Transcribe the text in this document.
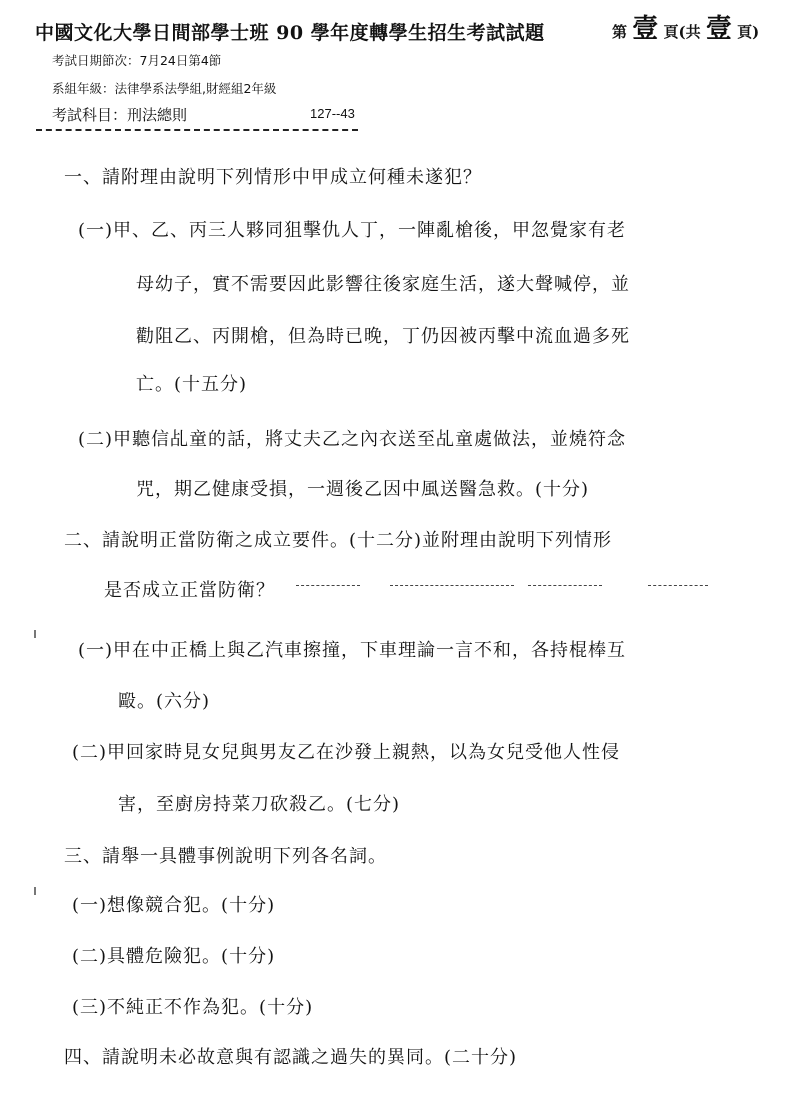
中國文化大學日間部學士班 90 學年度轉學生招生考試試題	第 壹 頁(共 壹 頁)
考試日期節次：7月24日第4節
系組年級：法律學系法學組,財經組2年級
考試科目：刑法總則	127--43
一、請附理由說明下列情形中甲成立何種未遂犯？
(一)甲、乙、丙三人夥同狙擊仇人丁，一陣亂槍後，甲忽覺家有老
母幼子，實不需要因此影響往後家庭生活，遂大聲喊停，並
勸阻乙、丙開槍，但為時已晚，丁仍因被丙擊中流血過多死
亡。(十五分)
(二)甲聽信乩童的話，將丈夫乙之內衣送至乩童處做法，並燒符念
咒，期乙健康受損，一週後乙因中風送醫急救。(十分)
二、請說明正當防衛之成立要件。(十二分)並附理由說明下列情形
是否成立正當防衛？
(一)甲在中正橋上與乙汽車擦撞，下車理論一言不和，各持棍棒互
毆。(六分)
(二)甲回家時見女兒與男友乙在沙發上親熱，以為女兒受他人性侵
害，至廚房持菜刀砍殺乙。(七分)
三、請舉一具體事例說明下列各名詞。
(一)想像競合犯。(十分)
(二)具體危險犯。(十分)
(三)不純正不作為犯。(十分)
四、請說明未必故意與有認識之過失的異同。(二十分)
